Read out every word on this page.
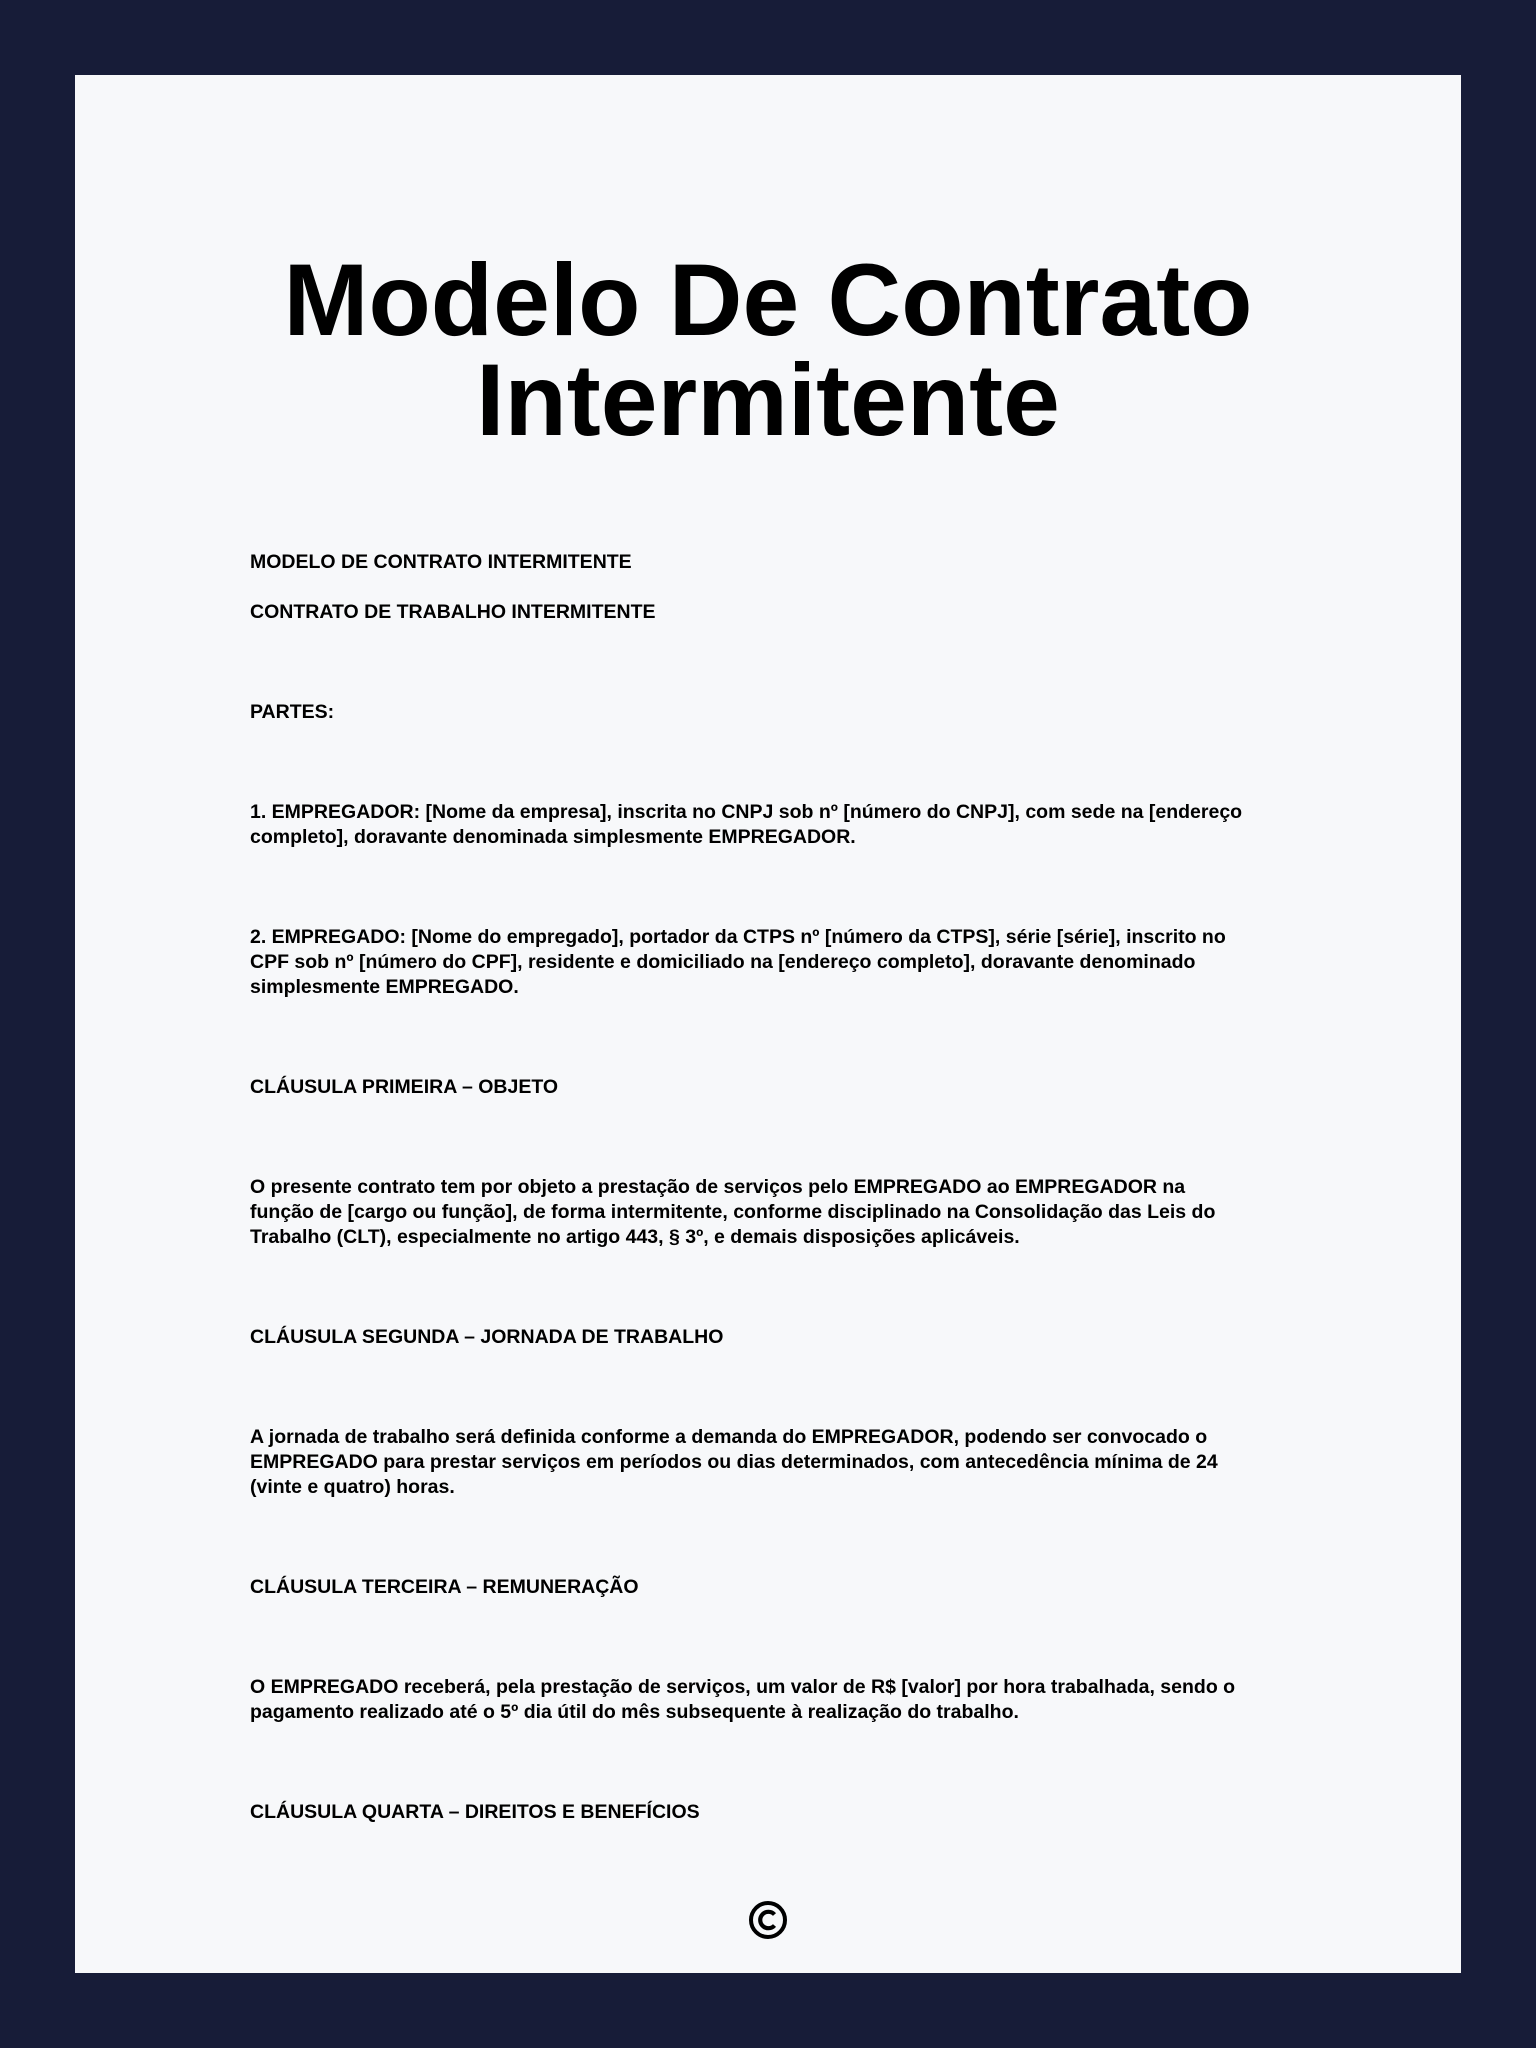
Modelo De Contrato
Intermitente

MODELO DE CONTRATO INTERMITENTE

CONTRATO DE TRABALHO INTERMITENTE

PARTES:

1. EMPREGADOR: [Nome da empresa], inscrita no CNPJ sob nº [número do CNPJ], com sede na [endereço
completo], doravante denominada simplesmente EMPREGADOR.
2. EMPREGADO: [Nome do empregado], portador da CTPS nº [número da CTPS], série [série], inscrito no
CPF sob nº [número do CPF], residente e domiciliado na [endereço completo], doravante denominado
simplesmente EMPREGADO.

CLÁUSULA PRIMEIRA – OBJETO

O presente contrato tem por objeto a prestação de serviços pelo EMPREGADO ao EMPREGADOR na
função de [cargo ou função], de forma intermitente, conforme disciplinado na Consolidação das Leis do
Trabalho (CLT), especialmente no artigo 443, § 3º, e demais disposições aplicáveis.

CLÁUSULA SEGUNDA – JORNADA DE TRABALHO

A jornada de trabalho será definida conforme a demanda do EMPREGADOR, podendo ser convocado o
EMPREGADO para prestar serviços em períodos ou dias determinados, com antecedência mínima de 24
(vinte e quatro) horas.

CLÁUSULA TERCEIRA – REMUNERAÇÃO

O EMPREGADO receberá, pela prestação de serviços, um valor de R$ [valor] por hora trabalhada, sendo o
pagamento realizado até o 5º dia útil do mês subsequente à realização do trabalho.

CLÁUSULA QUARTA – DIREITOS E BENEFÍCIOS
